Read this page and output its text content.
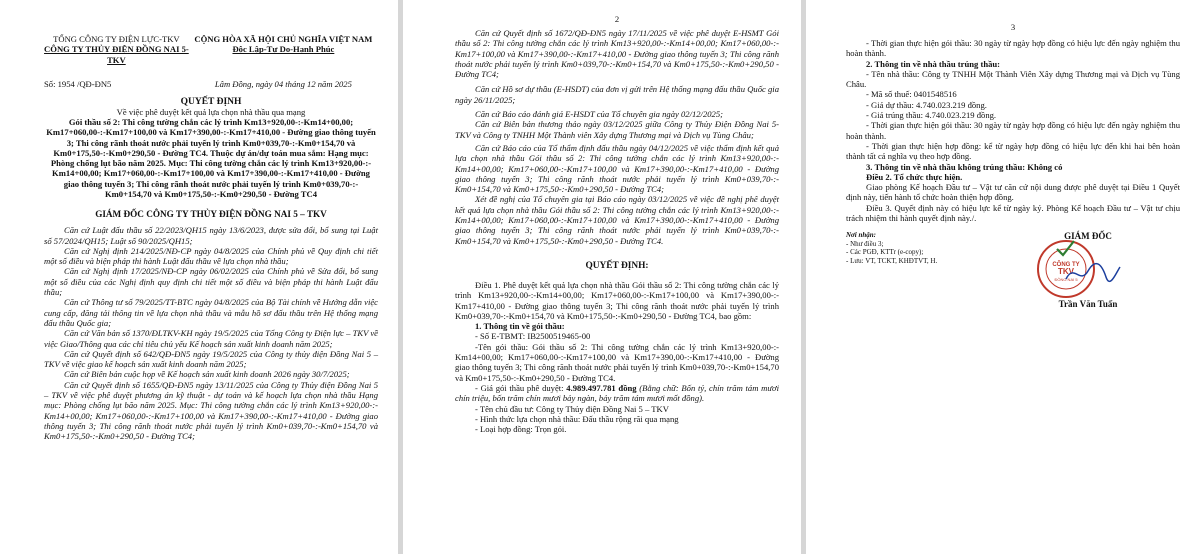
TỔNG CÔNG TY ĐIỆN LỰC-TKV

CÔNG TY THỦY ĐIỆN ĐỒNG NAI 5-TKV

CỘNG HÒA XÃ HỘI CHỦ NGHĨA VIỆT NAM

Độc Lập-Tự Do-Hạnh Phúc

Số: 1954 /QĐ-ĐN5	Lâm Đồng, ngày 04 tháng 12 năm 2025

QUYẾT ĐỊNH

Về việc phê duyệt kết quả lựa chọn nhà thầu qua mạng

Gói thầu số 2: Thi công tường chắn các lý trình Km13+920,00-:-Km14+00,00; Km17+060,00-:-Km17+100,00 và Km17+390,00-:-Km17+410,00 - Đường giao thông tuyến 3; Thi công rãnh thoát nước phải tuyến lý trình Km0+039,70-:-Km0+154,70 và Km0+175,50-:-Km0+290,50 - Đường TC4. Thuộc dự án/dự toán mua sắm: Hạng mục: Phòng chống lụt bão năm 2025. Mục: Thi công tường chắn các lý trình Km13+920,00-:-Km14+00,00; Km17+060,00-:-Km17+100,00 và Km17+390,00-:-Km17+410,00 - Đường giao thông tuyến 3; Thi công rãnh thoát nước phải tuyến lý trình Km0+039,70-:-Km0+154,70 và Km0+175,50-:-Km0+290,50 - Đường TC4

GIÁM ĐỐC CÔNG TY THỦY ĐIỆN ĐỒNG NAI 5 – TKV

Căn cứ Luật đấu thầu số 22/2023/QH15 ngày 13/6/2023, được sửa đổi, bổ sung tại Luật số 57/2024/QH15; Luật số 90/2025/QH15;

Căn cứ Nghị định 214/2025/NĐ-CP ngày 04/8/2025 của Chính phủ về Quy định chi tiết một số điều và biện pháp thi hành Luật đấu thầu về lựa chọn nhà thầu;

Căn cứ Nghị định 17/2025/NĐ-CP ngày 06/02/2025 của Chính phủ về Sửa đổi, bổ sung một số điều của các Nghị định quy định chi tiết một số điều và biện pháp thi hành Luật đấu thầu;

Căn cứ Thông tư số 79/2025/TT-BTC ngày 04/8/2025 của Bộ Tài chính về Hướng dẫn việc cung cấp, đăng tải thông tin về lựa chọn nhà thầu và mẫu hồ sơ đấu thầu trên Hệ thống mạng đấu thầu Quốc gia;

Căn cứ Văn bản số 1370/ĐLTKV-KH ngày 19/5/2025 của Tổng Công ty Điện lực – TKV về việc Giao/Thông qua các chỉ tiêu chủ yếu Kế hoạch sản xuất kinh doanh năm 2025;

Căn cứ Quyết định số 642/QĐ-ĐN5 ngày 19/5/2025 của Công ty thủy điện Đồng Nai 5 – TKV về việc giao kế hoạch sản xuất kinh doanh năm 2025;

Căn cứ Biên bản cuộc họp về Kế hoạch sản xuất kinh doanh 2026 ngày 30/7/2025;

Căn cứ Quyết định số 1655/QĐ-ĐN5 ngày 13/11/2025 của Công ty Thủy điện Đồng Nai 5 – TKV về việc phê duyệt phương án kỹ thuật - dự toán và kế hoạch lựa chọn nhà thầu Hạng mục: Phòng chống lụt bão năm 2025. Mục: Thi công tường chắn các lý trình Km13+920,00-:-Km14+00,00; Km17+060,00-:-Km17+100,00 và Km17+390,00-:-Km17+410,00 - Đường giao thông tuyến 3; Thi công rãnh thoát nước phải tuyến lý trình Km0+039,70-:-Km0+154,70 và Km0+175,50-:-Km0+290,50 - Đường TC4;

2

Căn cứ Quyết định số 1672/QĐ-ĐN5 ngày 17/11/2025 về việc phê duyệt E-HSMT Gói thầu số 2: Thi công tường chắn các lý trình Km13+920,00-:-Km14+00,00; Km17+060,00-:-Km17+100,00 và Km17+390,00-:-Km17+410,00 - Đường giao thông tuyến 3; Thi công rãnh thoát nước phải tuyến lý trình Km0+039,70-:-Km0+154,70 và Km0+175,50-:-Km0+290,50 - Đường TC4;

Căn cứ Hồ sơ dự thầu (E-HSDT) của đơn vị gửi trên Hệ thống mạng đấu thầu Quốc gia ngày 26/11/2025;

Căn cứ Báo cáo đánh giá E-HSDT của Tổ chuyên gia ngày 02/12/2025;

Căn cứ Biên bản thương thảo ngày 03/12/2025 giữa Công ty Thủy Điện Đồng Nai 5-TKV và Công ty TNHH Một Thành viên Xây dựng Thương mại và Dịch vụ Tùng Châu;

Căn cứ Báo cáo của Tổ thẩm định đấu thầu ngày 04/12/2025 về việc thẩm định kết quả lựa chọn nhà thầu Gói thầu số 2: Thi công tường chắn các lý trình Km13+920,00-:-Km14+00,00; Km17+060,00-:-Km17+100,00 và Km17+390,00-:-Km17+410,00 - Đường giao thông tuyến 3; Thi công rãnh thoát nước phải tuyến lý trình Km0+039,70-:-Km0+154,70 và Km0+175,50-:-Km0+290,50 - Đường TC4;

Xét đề nghị của Tổ chuyên gia tại Báo cáo ngày 03/12/2025 về việc đề nghị phê duyệt kết quả lựa chọn nhà thầu Gói thầu số 2: Thi công tường chắn các lý trình Km13+920,00-:-Km14+00,00; Km17+060,00-:-Km17+100,00 và Km17+390,00-:-Km17+410,00 - Đường giao thông tuyến 3; Thi công rãnh thoát nước phải tuyến lý trình Km0+039,70-:-Km0+154,70 và Km0+175,50-:-Km0+290,50 - Đường TC4.

QUYẾT ĐỊNH:

Điều 1. Phê duyệt kết quả lựa chọn nhà thầu Gói thầu số 2: Thi công tường chắn các lý trình Km13+920,00-:-Km14+00,00; Km17+060,00-:-Km17+100,00 và Km17+390,00-:-Km17+410,00 - Đường giao thông tuyến 3; Thi công rãnh thoát nước phải tuyến lý trình Km0+039,70-:-Km0+154,70 và Km0+175,50-:-Km0+290,50 - Đường TC4, bao gồm:

1. Thông tin về gói thầu:

- Số E-TBMT: IB2500519465-00

-Tên gói thầu: Gói thầu số 2: Thi công tường chắn các lý trình Km13+920,00-:-Km14+00,00; Km17+060,00-:-Km17+100,00 và Km17+390,00-:-Km17+410,00 - Đường giao thông tuyến 3; Thi công rãnh thoát nước phải tuyến lý trình Km0+039,70-:-Km0+154,70 và Km0+175,50-:-Km0+290,50 - Đường TC4.

- Giá gói thầu phê duyệt: 4.989.497.781 đồng (Bằng chữ: Bốn tỷ, chín trăm tám mươi chín triệu, bốn trăm chín mươi bảy ngàn, bảy trăm tám mươi mốt đồng).

- Tên chủ đầu tư: Công ty Thủy điện Đồng Nai 5 – TKV

- Hình thức lựa chọn nhà thầu: Đấu thầu rộng rãi qua mạng

- Loại hợp đồng: Trọn gói.

3

- Thời gian thực hiện gói thầu: 30 ngày từ ngày hợp đồng có hiệu lực đến ngày nghiệm thu hoàn thành.

2. Thông tin về nhà thầu trúng thầu:

- Tên nhà thầu: Công ty TNHH Một Thành Viên Xây dựng Thương mại và Dịch vụ Tùng Châu.

- Mã số thuế: 0401548516

- Giá dự thầu: 4.740.023.219 đồng.

- Giá trúng thầu: 4.740.023.219 đồng.

- Thời gian thực hiện gói thầu: 30 ngày từ ngày hợp đồng có hiệu lực đến ngày nghiệm thu hoàn thành.

- Thời gian thực hiện hợp đồng: kể từ ngày hợp đồng có hiệu lực đến khi hai bên hoàn thành tất cả nghĩa vụ theo hợp đồng.

3. Thông tin về nhà thầu không trúng thầu: Không có

Điều 2. Tổ chức thực hiện.

Giao phòng Kế hoạch Đầu tư – Vật tư căn cứ nội dung được phê duyệt tại Điều 1 Quyết định này, tiến hành tổ chức hoàn thiện hợp đồng.

Điều 3. Quyết định này có hiệu lực kể từ ngày ký. Phòng Kế hoạch Đầu tư – Vật tư chịu trách nhiệm thi hành quyết định này./.

Nơi nhận:

- Như điều 3;

- Các PGĐ, KTTr (e-copy);

- Lưu: VT, TCKT, KHĐTVT, H.

GIÁM ĐỐC

CÔNG TY
TKV
ĐỒNG NAI 5

Trần Văn Tuấn
